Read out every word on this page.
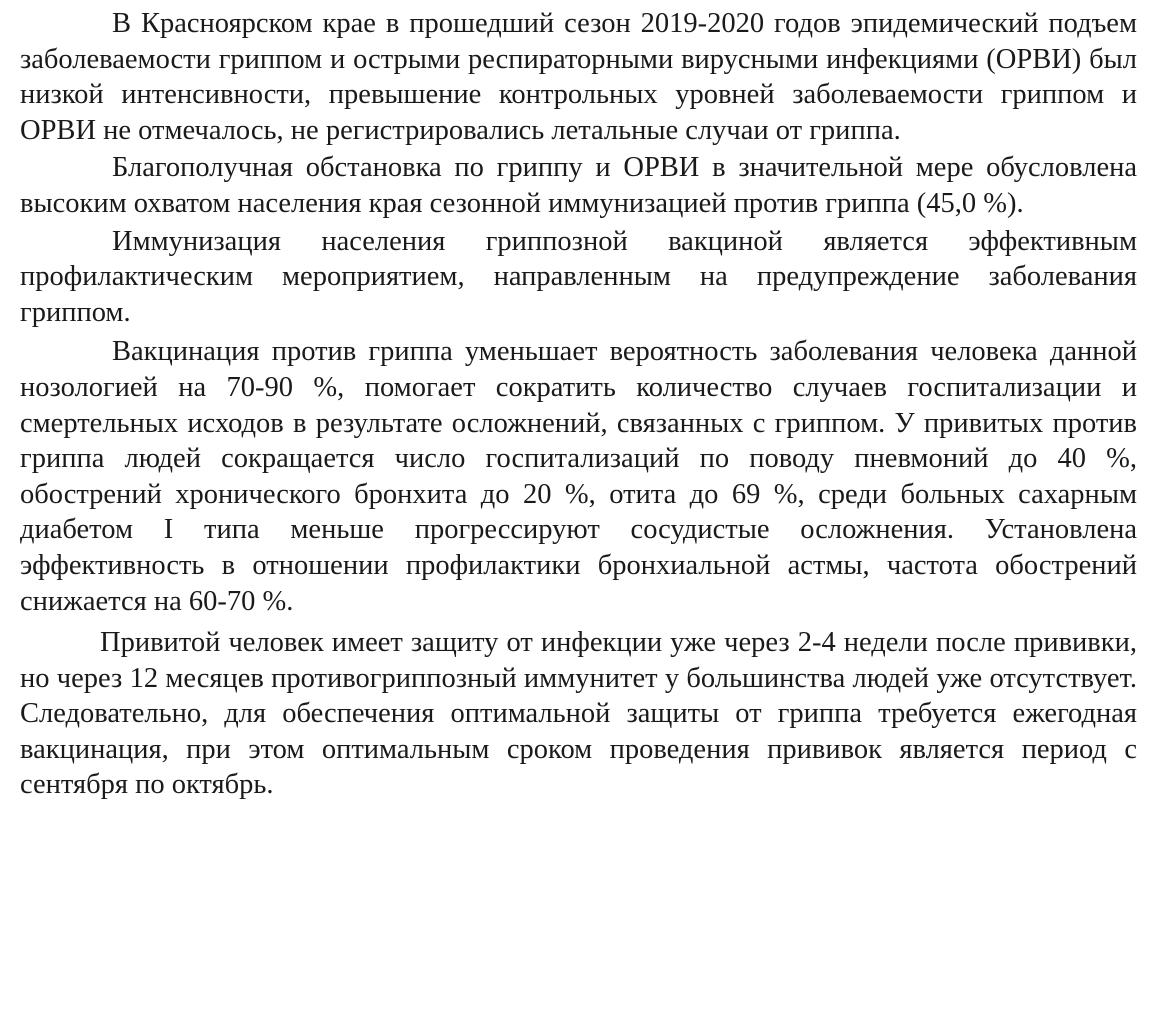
В Красноярском крае в прошедший сезон 2019-2020 годов эпидемический подъем заболеваемости гриппом и острыми респираторными вирусными инфекциями (ОРВИ) был низкой интенсивности, превышение контрольных уровней заболеваемости гриппом и ОРВИ не отмечалось, не регистрировались летальные случаи от гриппа.

Благополучная обстановка по гриппу и ОРВИ в значительной мере обусловлена высоким охватом населения края сезонной иммунизацией против гриппа (45,0 %).

Иммунизация населения гриппозной вакциной является эффективным профилактическим мероприятием, направленным на предупреждение заболевания гриппом.

Вакцинация против гриппа уменьшает вероятность заболевания человека данной нозологией на 70-90 %, помогает сократить количество случаев госпитализации и смертельных исходов в результате осложнений, связанных с гриппом. У привитых против гриппа людей сокращается число госпитализаций по поводу пневмоний до 40 %, обострений хронического бронхита до 20 %, отита до 69 %, среди больных сахарным диабетом I типа меньше прогрессируют сосудистые осложнения. Установлена эффективность в отношении профилактики бронхиальной астмы, частота обострений снижается на 60-70 %.

Привитой человек имеет защиту от инфекции уже через 2-4 недели после прививки, но через 12 месяцев противогриппозный иммунитет у большинства людей уже отсутствует. Следовательно, для обеспечения оптимальной защиты от гриппа требуется ежегодная вакцинация, при этом оптимальным сроком проведения прививок является период с сентября по октябрь.
